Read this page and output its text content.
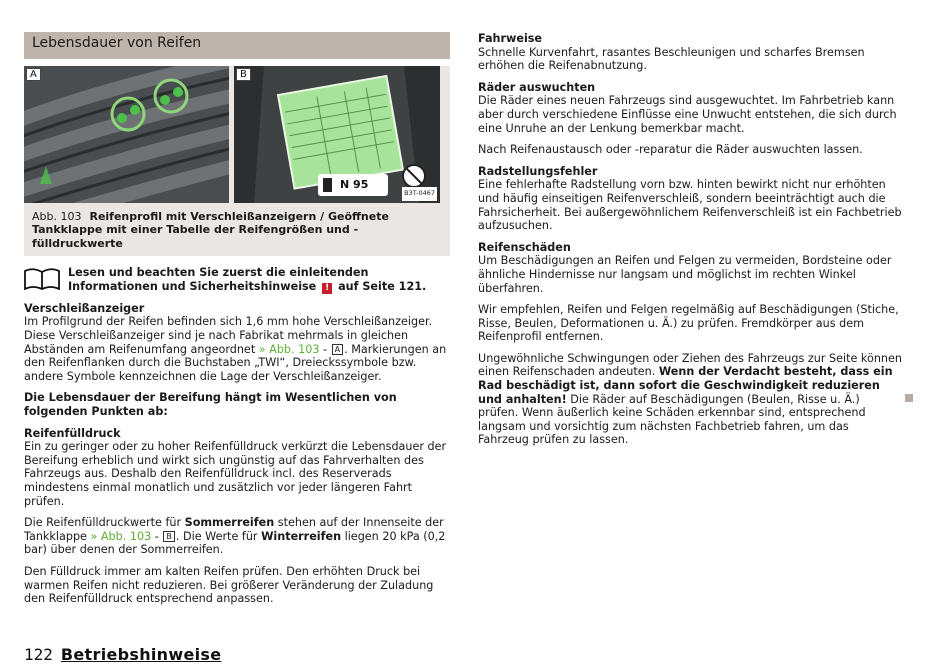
Lebensdauer von Reifen
A	B
N 95
B3T-0467
Abb. 103 Reifenprofil mit Verschleißanzeigern / Geöffnete Tankklappe mit einer Tabelle der Reifengrößen und -fülldruckwerte
Lesen und beachten Sie zuerst die einleitenden Informationen und Sicherheitshinweise ! auf Seite 121.
Verschleißanzeiger
Im Profilgrund der Reifen befinden sich 1,6 mm hohe Verschleißanzeiger. Diese Verschleißanzeiger sind je nach Fabrikat mehrmals in gleichen Abständen am Reifenumfang angeordnet » Abb. 103 - A . Markierungen an den Reifenflanken durch die Buchstaben „TWI“, Dreieckssymbole bzw. andere Symbole kennzeichnen die Lage der Verschleißanzeiger.
Die Lebensdauer der Bereifung hängt im Wesentlichen von folgenden Punkten ab:
Reifenfülldruck
Ein zu geringer oder zu hoher Reifenfülldruck verkürzt die Lebensdauer der Bereifung erheblich und wirkt sich ungünstig auf das Fahrverhalten des Fahrzeugs aus. Deshalb den Reifenfülldruck incl. des Reserverads mindestens einmal monatlich und zusätzlich vor jeder längeren Fahrt prüfen.
Die Reifenfülldruckwerte für Sommerreifen stehen auf der Innenseite der Tankklappe » Abb. 103 - B . Die Werte für Winterreifen liegen 20 kPa (0,2 bar) über denen der Sommerreifen.
Den Fülldruck immer am kalten Reifen prüfen. Den erhöhten Druck bei warmen Reifen nicht reduzieren. Bei größerer Veränderung der Zuladung den Reifenfülldruck entsprechend anpassen.
Fahrweise
Schnelle Kurvenfahrt, rasantes Beschleunigen und scharfes Bremsen erhöhen die Reifenabnutzung.
Räder auswuchten
Die Räder eines neuen Fahrzeugs sind ausgewuchtet. Im Fahrbetrieb kann aber durch verschiedene Einflüsse eine Unwucht entstehen, die sich durch eine Unruhe an der Lenkung bemerkbar macht.
Nach Reifenaustausch oder -reparatur die Räder auswuchten lassen.
Radstellungsfehler
Eine fehlerhafte Radstellung vorn bzw. hinten bewirkt nicht nur erhöhten und häufig einseitigen Reifenverschleiß, sondern beeinträchtigt auch die Fahrsicherheit. Bei außergewöhnlichem Reifenverschleiß ist ein Fachbetrieb aufzusuchen.
Reifenschäden
Um Beschädigungen an Reifen und Felgen zu vermeiden, Bordsteine oder ähnliche Hindernisse nur langsam und möglichst im rechten Winkel überfahren.
Wir empfehlen, Reifen und Felgen regelmäßig auf Beschädigungen (Stiche, Risse, Beulen, Deformationen u. Ä.) zu prüfen. Fremdkörper aus dem Reifenprofil entfernen.
Ungewöhnliche Schwingungen oder Ziehen des Fahrzeugs zur Seite können einen Reifenschaden andeuten. Wenn der Verdacht besteht, dass ein Rad beschädigt ist, dann sofort die Geschwindigkeit reduzieren und anhalten! Die Räder auf Beschädigungen (Beulen, Risse u. Ä.) prüfen. Wenn äußerlich keine Schäden erkennbar sind, entsprechend langsam und vorsichtig zum nächsten Fachbetrieb fahren, um das Fahrzeug prüfen zu lassen.
122 Betriebshinweise
